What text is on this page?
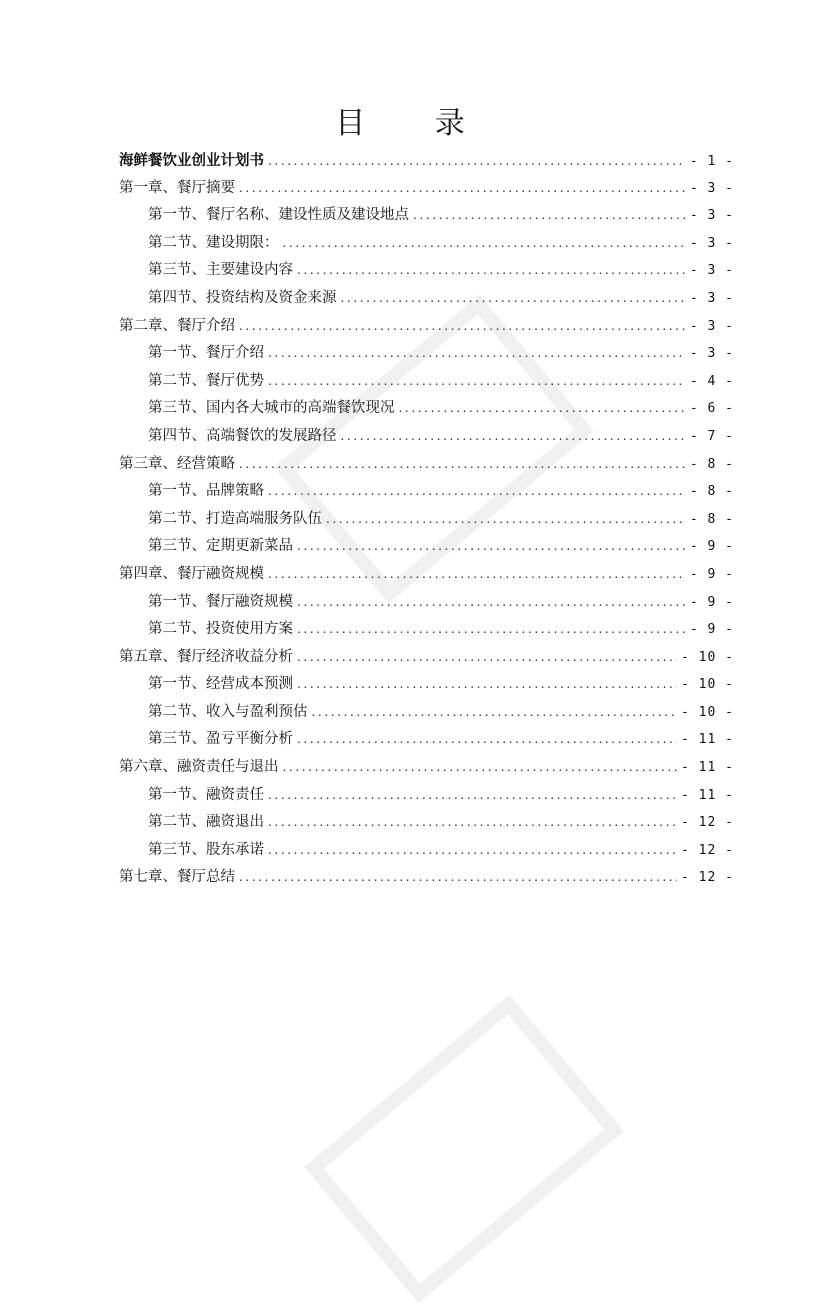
目 录
海鲜餐饮业创业计划书 .....	- 1 -
第一章、餐厅摘要 .....	- 3 -
第一节、餐厅名称、建设性质及建设地点 .....	- 3 -
第二节、建设期限： .....	- 3 -
第三节、主要建设内容 .....	- 3 -
第四节、投资结构及资金来源 .....	- 3 -
第二章、餐厅介绍 .....	- 3 -
第一节、餐厅介绍 .....	- 3 -
第二节、餐厅优势 .....	- 4 -
第三节、国内各大城市的高端餐饮现况 .....	- 6 -
第四节、高端餐饮的发展路径 .....	- 7 -
第三章、经营策略 .....	- 8 -
第一节、品牌策略 .....	- 8 -
第二节、打造高端服务队伍 .....	- 8 -
第三节、定期更新菜品 .....	- 9 -
第四章、餐厅融资规模 .....	- 9 -
第一节、餐厅融资规模 .....	- 9 -
第二节、投资使用方案 .....	- 9 -
第五章、餐厅经济收益分析 .....	- 10 -
第一节、经营成本预测 .....	- 10 -
第二节、收入与盈利预估 .....	- 10 -
第三节、盈亏平衡分析 .....	- 11 -
第六章、融资责任与退出 .....	- 11 -
第一节、融资责任 .....	- 11 -
第二节、融资退出 .....	- 12 -
第三节、股东承诺 .....	- 12 -
第七章、餐厅总结 .....	- 12 -
